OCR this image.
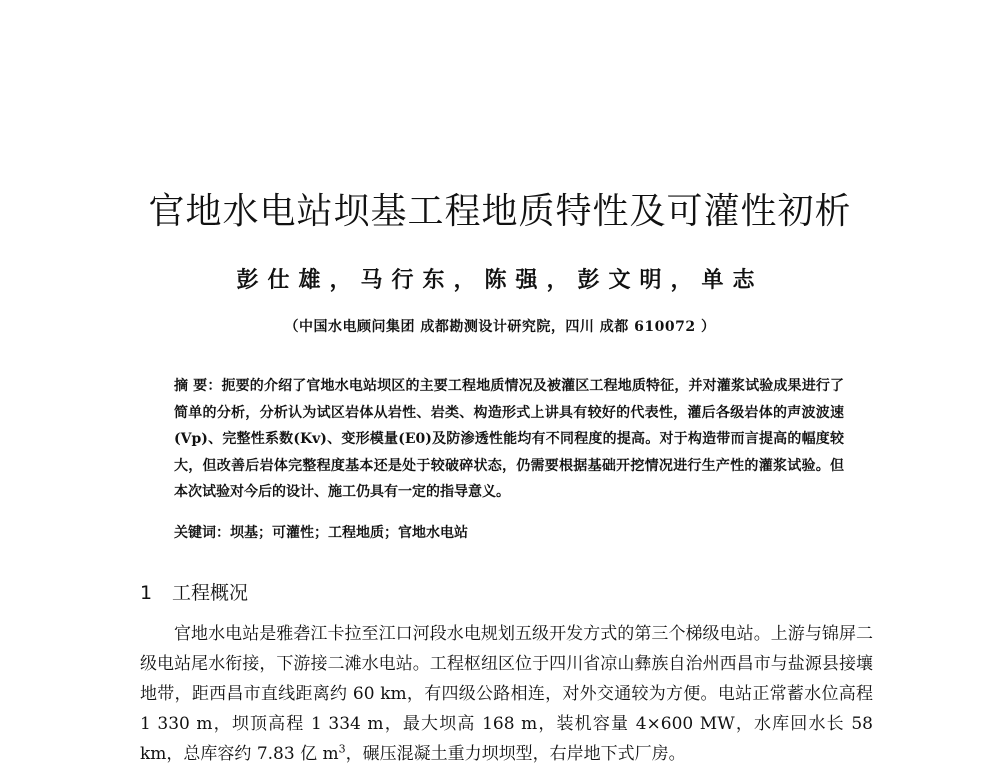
官地水电站坝基工程地质特性及可灌性初析
彭仕雄，马行东，陈强，彭文明，单志
（中国水电顾问集团 成都勘测设计研究院，四川 成都 610072 ）
摘 要：扼要的介绍了官地水电站坝区的主要工程地质情况及被灌区工程地质特征，并对灌浆试验成果进行了简单的分析，分析认为试区岩体从岩性、岩类、构造形式上讲具有较好的代表性，灌后各级岩体的声波波速(Vp)、完整性系数(Kv)、变形模量(E0)及防渗透性能均有不同程度的提高。对于构造带而言提高的幅度较大，但改善后岩体完整程度基本还是处于较破碎状态，仍需要根据基础开挖情况进行生产性的灌浆试验。但本次试验对今后的设计、施工仍具有一定的指导意义。
关键词：坝基；可灌性；工程地质；官地水电站
1 工程概况
官地水电站是雅砻江卡拉至江口河段水电规划五级开发方式的第三个梯级电站。上游与锦屏二级电站尾水衔接，下游接二滩水电站。工程枢纽区位于四川省凉山彝族自治州西昌市与盐源县接壤地带，距西昌市直线距离约 60 km，有四级公路相连，对外交通较为方便。电站正常蓄水位高程 1 330 m，坝顶高程 1 334 m，最大坝高 168 m，装机容量 4×600 MW，水库回水长 58 km，总库容约 7.83 亿 $m^3$，碾压混凝土重力坝坝型，右岸地下式厂房。
